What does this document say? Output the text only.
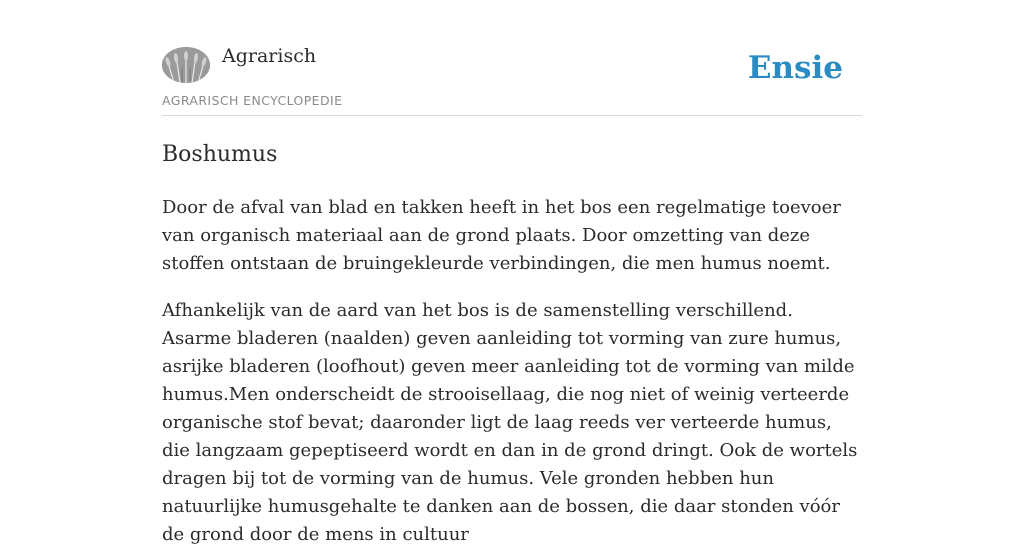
Agrarisch
AGRARISCH ENCYCLOPEDIE
Ensie
Boshumus

Door de afval van blad en takken heeft in het bos een regelmatige toevoer van organisch materiaal aan de grond plaats. Door omzetting van deze stoffen ontstaan de bruingekleurde verbindingen, die men humus noemt.

Afhankelijk van de aard van het bos is de samenstelling verschillend. Asarme bladeren (naalden) geven aanleiding tot vorming van zure humus, asrijke bladeren (loofhout) geven meer aanleiding tot de vorming van milde humus.Men onderscheidt de strooisellaag, die nog niet of weinig verteerde organische stof bevat; daaronder ligt de laag reeds ver verteerde humus, die langzaam gepeptiseerd wordt en dan in de grond dringt. Ook de wortels dragen bij tot de vorming van de humus. Vele gronden hebben hun natuurlijke humusgehalte te danken aan de bossen, die daar stonden vóór de grond door de mens in cultuur
